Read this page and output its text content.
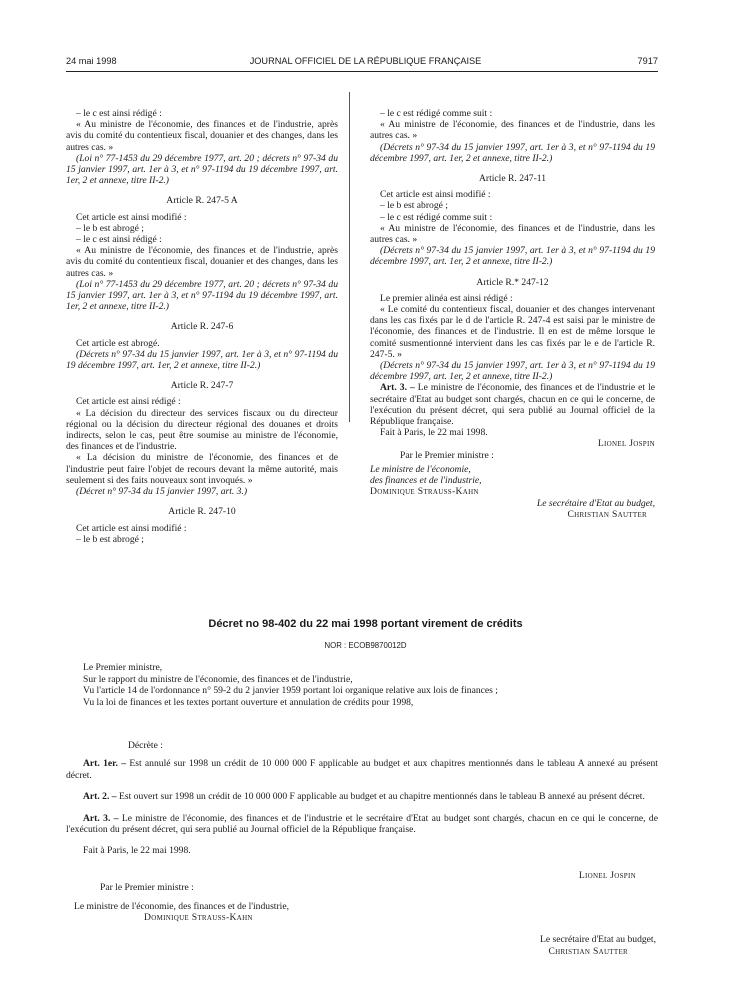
24 mai 1998	JOURNAL OFFICIEL DE LA RÉPUBLIQUE FRANÇAISE	7917

– le c est ainsi rédigé :

« Au ministre de l'économie, des finances et de l'industrie, après avis du comité du contentieux fiscal, douanier et des changes, dans les autres cas. »

(Loi n° 77-1453 du 29 décembre 1977, art. 20 ; décrets n° 97-34 du 15 janvier 1997, art. 1er à 3, et n° 97-1194 du 19 décembre 1997, art. 1er, 2 et annexe, titre II-2.)

Article R. 247-5 A

Cet article est ainsi modifié :

– le b est abrogé ;

– le c est ainsi rédigé :

« Au ministre de l'économie, des finances et de l'industrie, après avis du comité du contentieux fiscal, douanier et des changes, dans les autres cas. »

(Loi n° 77-1453 du 29 décembre 1977, art. 20 ; décrets n° 97-34 du 15 janvier 1997, art. 1er à 3, et n° 97-1194 du 19 décembre 1997, art. 1er, 2 et annexe, titre II-2.)

Article R. 247-6

Cet article est abrogé.

(Décrets n° 97-34 du 15 janvier 1997, art. 1er à 3, et n° 97-1194 du 19 décembre 1997, art. 1er, 2 et annexe, titre II-2.)

Article R. 247-7

Cet article est ainsi rédigé :

« La décision du directeur des services fiscaux ou du directeur régional ou la décision du directeur régional des douanes et droits indirects, selon le cas, peut être soumise au ministre de l'économie, des finances et de l'industrie.

« La décision du ministre de l'économie, des finances et de l'industrie peut faire l'objet de recours devant la même autorité, mais seulement si des faits nouveaux sont invoqués. »

(Décret n° 97-34 du 15 janvier 1997, art. 3.)

Article R. 247-10

Cet article est ainsi modifié :

– le b est abrogé ;

– le c est rédigé comme suit :

« Au ministre de l'économie, des finances et de l'industrie, dans les autres cas. »

(Décrets n° 97-34 du 15 janvier 1997, art. 1er à 3, et n° 97-1194 du 19 décembre 1997, art. 1er, 2 et annexe, titre II-2.)

Article R. 247-11

Cet article est ainsi modifié :

– le b est abrogé ;

– le c est rédigé comme suit :

« Au ministre de l'économie, des finances et de l'industrie, dans les autres cas. »

(Décrets n° 97-34 du 15 janvier 1997, art. 1er à 3, et n° 97-1194 du 19 décembre 1997, art. 1er, 2 et annexe, titre II-2.)

Article R.* 247-12

Le premier alinéa est ainsi rédigé :

« Le comité du contentieux fiscal, douanier et des changes intervenant dans les cas fixés par le d de l'article R. 247-4 est saisi par le ministre de l'économie, des finances et de l'industrie. Il en est de même lorsque le comité susmentionné intervient dans les cas fixés par le e de l'article R. 247-5. »

(Décrets n° 97-34 du 15 janvier 1997, art. 1er à 3, et n° 97-1194 du 19 décembre 1997, art. 1er, 2 et annexe, titre II-2.)

Art. 3. – Le ministre de l'économie, des finances et de l'industrie et le secrétaire d'Etat au budget sont chargés, chacun en ce qui le concerne, de l'exécution du présent décret, qui sera publié au Journal officiel de la République française.

Fait à Paris, le 22 mai 1998.

Lionel Jospin

Par le Premier ministre :

Le ministre de l'économie,

des finances et de l'industrie,

Dominique Strauss-Kahn

Le secrétaire d'Etat au budget,

Christian Sautter

Décret no 98-402 du 22 mai 1998 portant virement de crédits
NOR : ECOB9870012D

Le Premier ministre,

Sur le rapport du ministre de l'économie, des finances et de l'industrie,

Vu l'article 14 de l'ordonnance n° 59-2 du 2 janvier 1959 portant loi organique relative aux lois de finances ;

Vu la loi de finances et les textes portant ouverture et annulation de crédits pour 1998,

Décrète :

Art. 1er. – Est annulé sur 1998 un crédit de 10 000 000 F applicable au budget et aux chapitres mentionnés dans le tableau A annexé au présent décret.

Art. 2. – Est ouvert sur 1998 un crédit de 10 000 000 F applicable au budget et au chapitre mentionnés dans le tableau B annexé au présent décret.

Art. 3. – Le ministre de l'économie, des finances et de l'industrie et le secrétaire d'Etat au budget sont chargés, chacun en ce qui le concerne, de l'exécution du présent décret, qui sera publié au Journal officiel de la République française.

Fait à Paris, le 22 mai 1998.

Lionel Jospin

Par le Premier ministre :

Le ministre de l'économie, des finances et de l'industrie,

Dominique Strauss-Kahn

Le secrétaire d'Etat au budget,

Christian Sautter
